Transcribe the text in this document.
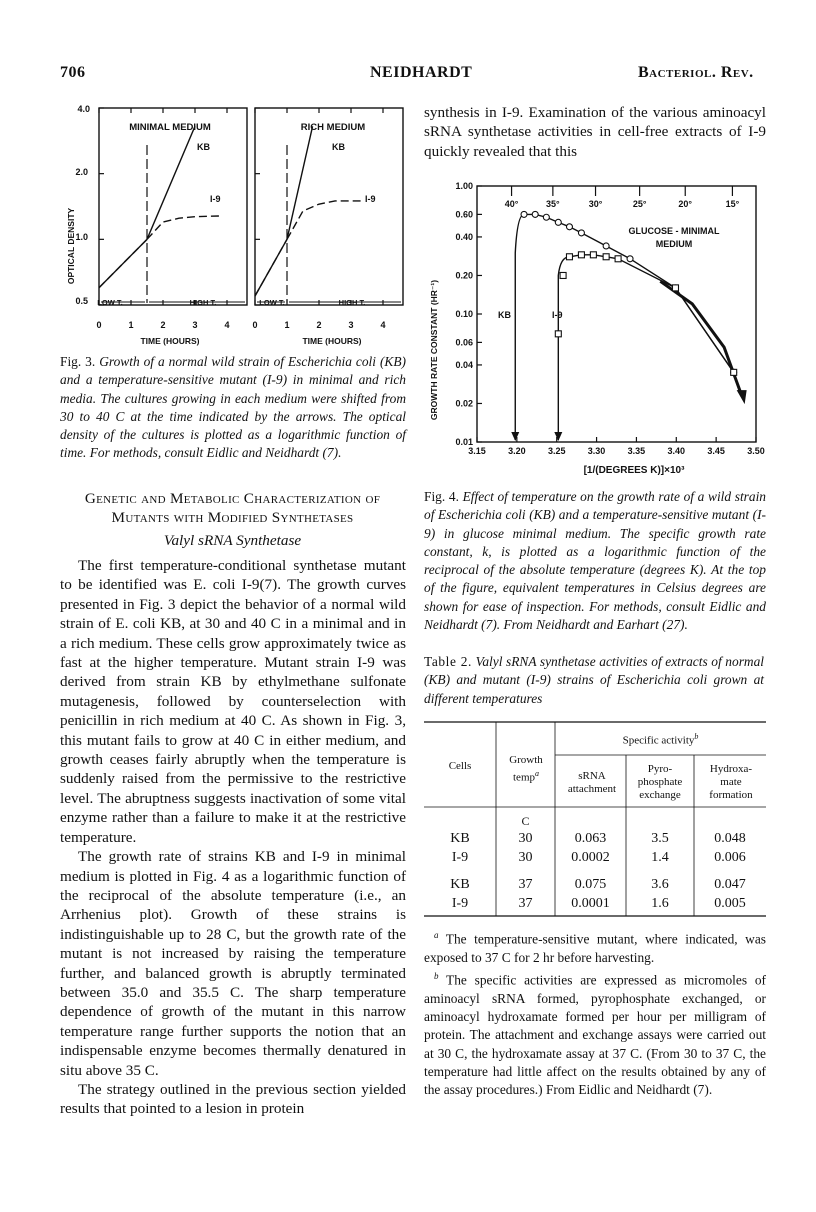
706	NEIDHARDT	Bacteriol. Rev.
4.0
2.0
1.0
0.5
OPTICAL DENSITY
MINIMAL MEDIUM	RICH MEDIUM
KB
I-9
KB
I-9
LOW T.	HIGH T.	LOW T.	HIGH T.
0	1	2	3	4	0	1	2	3	4
TIME (HOURS)	TIME (HOURS)
Fig. 3. Growth of a normal wild strain of Escherichia coli (KB) and a temperature-sensitive mutant (I-9) in minimal and rich media. The cultures growing in each medium were shifted from 30 to 40 C at the time indicated by the arrows. The optical density of the cultures is plotted as a logarithmic function of time. For methods, consult Eidlic and Neidhardt (7).
Genetic and Metabolic Characterization of
Mutants with Modified Synthetases
Valyl sRNA Synthetase

The first temperature-conditional synthetase mutant to be identified was E. coli I-9(7). The growth curves presented in Fig. 3 depict the behavior of a normal wild strain of E. coli KB, at 30 and 40 C in a minimal and in a rich medium. These cells grow approximately twice as fast at the higher temperature. Mutant strain I-9 was derived from strain KB by ethylmethane sulfonate mutagenesis, followed by counterselection with penicillin in rich medium at 40 C. As shown in Fig. 3, this mutant fails to grow at 40 C in either medium, and growth ceases fairly abruptly when the temperature is suddenly raised from the permissive to the restrictive level. The abruptness suggests inactivation of some vital enzyme rather than a failure to make it at the restrictive temperature.

The growth rate of strains KB and I-9 in minimal medium is plotted in Fig. 4 as a logarithmic function of the reciprocal of the absolute temperature (i.e., an Arrhenius plot). Growth of these strains is indistinguishable up to 28 C, but the growth rate of the mutant is not increased by raising the temperature further, and balanced growth is abruptly terminated between 35.0 and 35.5 C. The sharp temperature dependence of growth of the mutant in this narrow temperature range further supports the notion that an indispensable enzyme becomes thermally denatured in situ above 35 C.

The strategy outlined in the previous section yielded results that pointed to a lesion in protein

synthesis in I-9. Examination of the various aminoacyl sRNA synthetase activities in cell-free extracts of I-9 quickly revealed that this

1.00
0.60
0.40
0.20
0.10
0.06
0.04
0.02
0.01
3.15 3.20 3.25 3.30 3.35 3.40 3.45 3.50
40°	35°	30°	25°	20°	15°
GROWTH RATE CONSTANT (HR⁻¹)
[1/(DEGREES K)]×10³
GLUCOSE - MINIMAL
MEDIUM
KB	I-9
Fig. 4. Effect of temperature on the growth rate of a wild strain of Escherichia coli (KB) and a temperature-sensitive mutant (I-9) in glucose minimal medium. The specific growth rate constant, k, is plotted as a logarithmic function of the reciprocal of the absolute temperature (degrees K). At the top of the figure, equivalent temperatures in Celsius degrees are shown for ease of inspection. For methods, consult Eidlic and Neidhardt (7). From Neidhardt and Earhart (27).
Table 2. Valyl sRNA synthetase activities of extracts of normal (KB) and mutant (I-9) strains of Escherichia coli grown at different temperatures
Specific activity$^b$
Cells	Growth temp$^a$	sRNA attachment
Pyro-phosphate exchange
Hydroxa-mate formation
C
KB	30	0.063	3.5	0.048
I-9	30	0.0002	1.4	0.006
KB	37	0.075	3.6	0.047
I-9	37	0.0001	1.6	0.005

$^a$ The temperature-sensitive mutant, where indicated, was exposed to 37 C for 2 hr before harvesting.

$^b$ The specific activities are expressed as micromoles of aminoacyl sRNA formed, pyrophosphate exchanged, or aminoacyl hydroxamate formed per hour per milligram of protein. The attachment and exchange assays were carried out at 30 C, the hydroxamate assay at 37 C. (From 30 to 37 C, the temperature had little affect on the results obtained by any of the assay procedures.) From Eidlic and Neidhardt (7).
